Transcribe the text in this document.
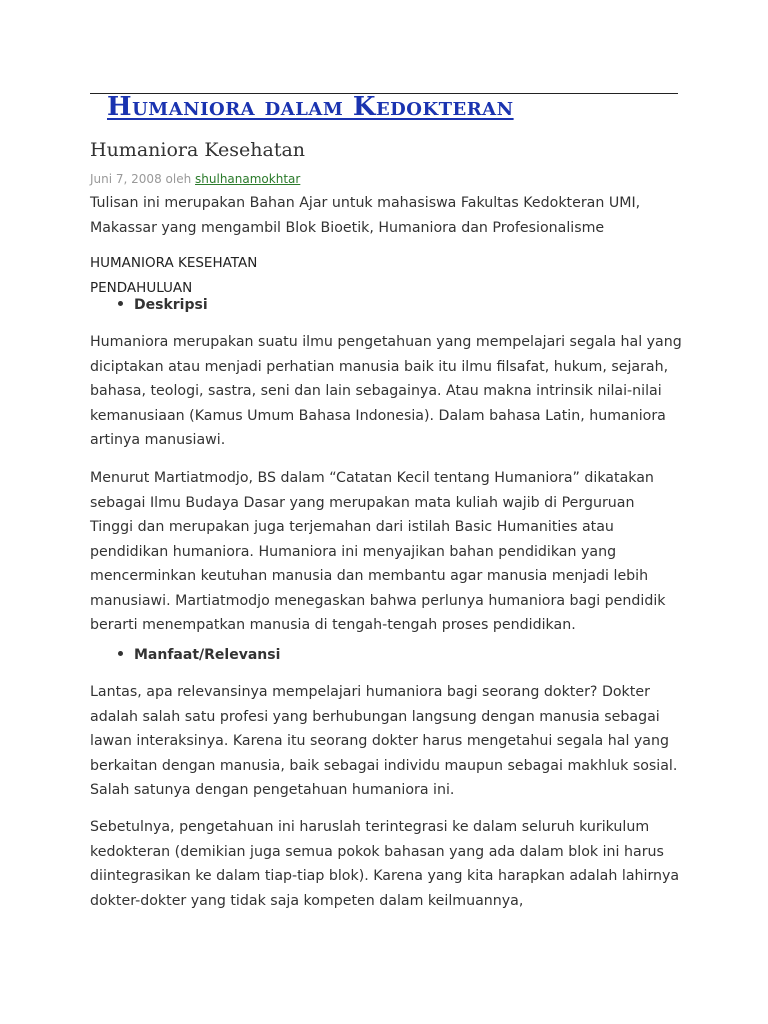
Humaniora dalam Kedokteran
Humaniora Kesehatan
Juni 7, 2008 oleh shulhanamokhtar

Tulisan ini merupakan Bahan Ajar untuk mahasiswa Fakultas Kedokteran UMI, Makassar yang mengambil Blok Bioetik, Humaniora dan Profesionalisme

HUMANIORA KESEHATAN
PENDAHULUAN
Deskripsi

Humaniora merupakan suatu ilmu pengetahuan yang mempelajari segala hal yang diciptakan atau menjadi perhatian manusia baik itu ilmu filsafat, hukum, sejarah, bahasa, teologi, sastra, seni dan lain sebagainya. Atau makna intrinsik nilai-nilai kemanusiaan (Kamus Umum Bahasa Indonesia). Dalam bahasa Latin, humaniora artinya manusiawi.

Menurut Martiatmodjo, BS dalam “Catatan Kecil tentang Humaniora” dikatakan sebagai Ilmu Budaya Dasar yang merupakan mata kuliah wajib di Perguruan Tinggi dan merupakan juga terjemahan dari istilah Basic Humanities atau pendidikan humaniora. Humaniora ini menyajikan bahan pendidikan yang mencerminkan keutuhan manusia dan membantu agar manusia menjadi lebih manusiawi. Martiatmodjo menegaskan bahwa perlunya humaniora bagi pendidik berarti menempatkan manusia di tengah-tengah proses pendidikan.

Manfaat/Relevansi

Lantas, apa relevansinya mempelajari humaniora bagi seorang dokter? Dokter adalah salah satu profesi yang berhubungan langsung dengan manusia sebagai lawan interaksinya. Karena itu seorang dokter harus mengetahui segala hal yang berkaitan dengan manusia, baik sebagai individu maupun sebagai makhluk sosial. Salah satunya dengan pengetahuan humaniora ini.

Sebetulnya, pengetahuan ini haruslah terintegrasi ke dalam seluruh kurikulum kedokteran (demikian juga semua pokok bahasan yang ada dalam blok ini harus diintegrasikan ke dalam tiap-tiap blok). Karena yang kita harapkan adalah lahirnya dokter-dokter yang tidak saja kompeten dalam keilmuannya,
